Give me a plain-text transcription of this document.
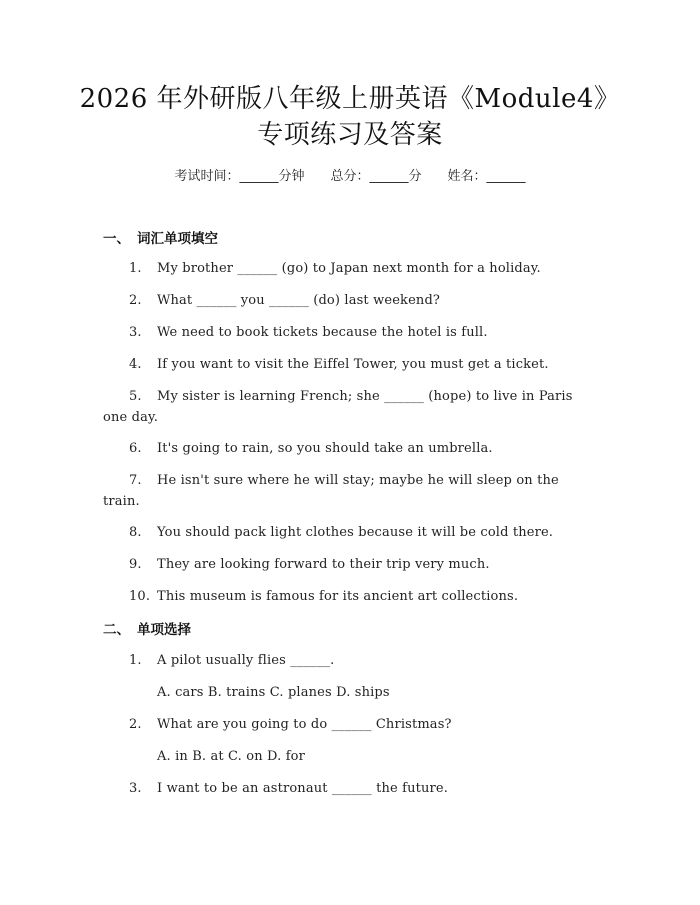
2026 年外研版八年级上册英语《Module4》
专项练习及答案
考试时间：______分钟 总分：______分 姓名：______
一、 词汇单项填空
1. My brother ______ (go) to Japan next month for a holiday.
2. What ______ you ______ (do) last weekend?
3. We need to book tickets because the hotel is full.
4. If you want to visit the Eiffel Tower, you must get a ticket.
5. My sister is learning French; she ______ (hope) to live in Paris
one day.
6. It's going to rain, so you should take an umbrella.
7. He isn't sure where he will stay; maybe he will sleep on the
train.
8. You should pack light clothes because it will be cold there.
9. They are looking forward to their trip very much.
10. This museum is famous for its ancient art collections.
二、 单项选择
1. A pilot usually flies ______.
A. cars B. trains C. planes D. ships
2. What are you going to do ______ Christmas?
A. in B. at C. on D. for
3. I want to be an astronaut ______ the future.
